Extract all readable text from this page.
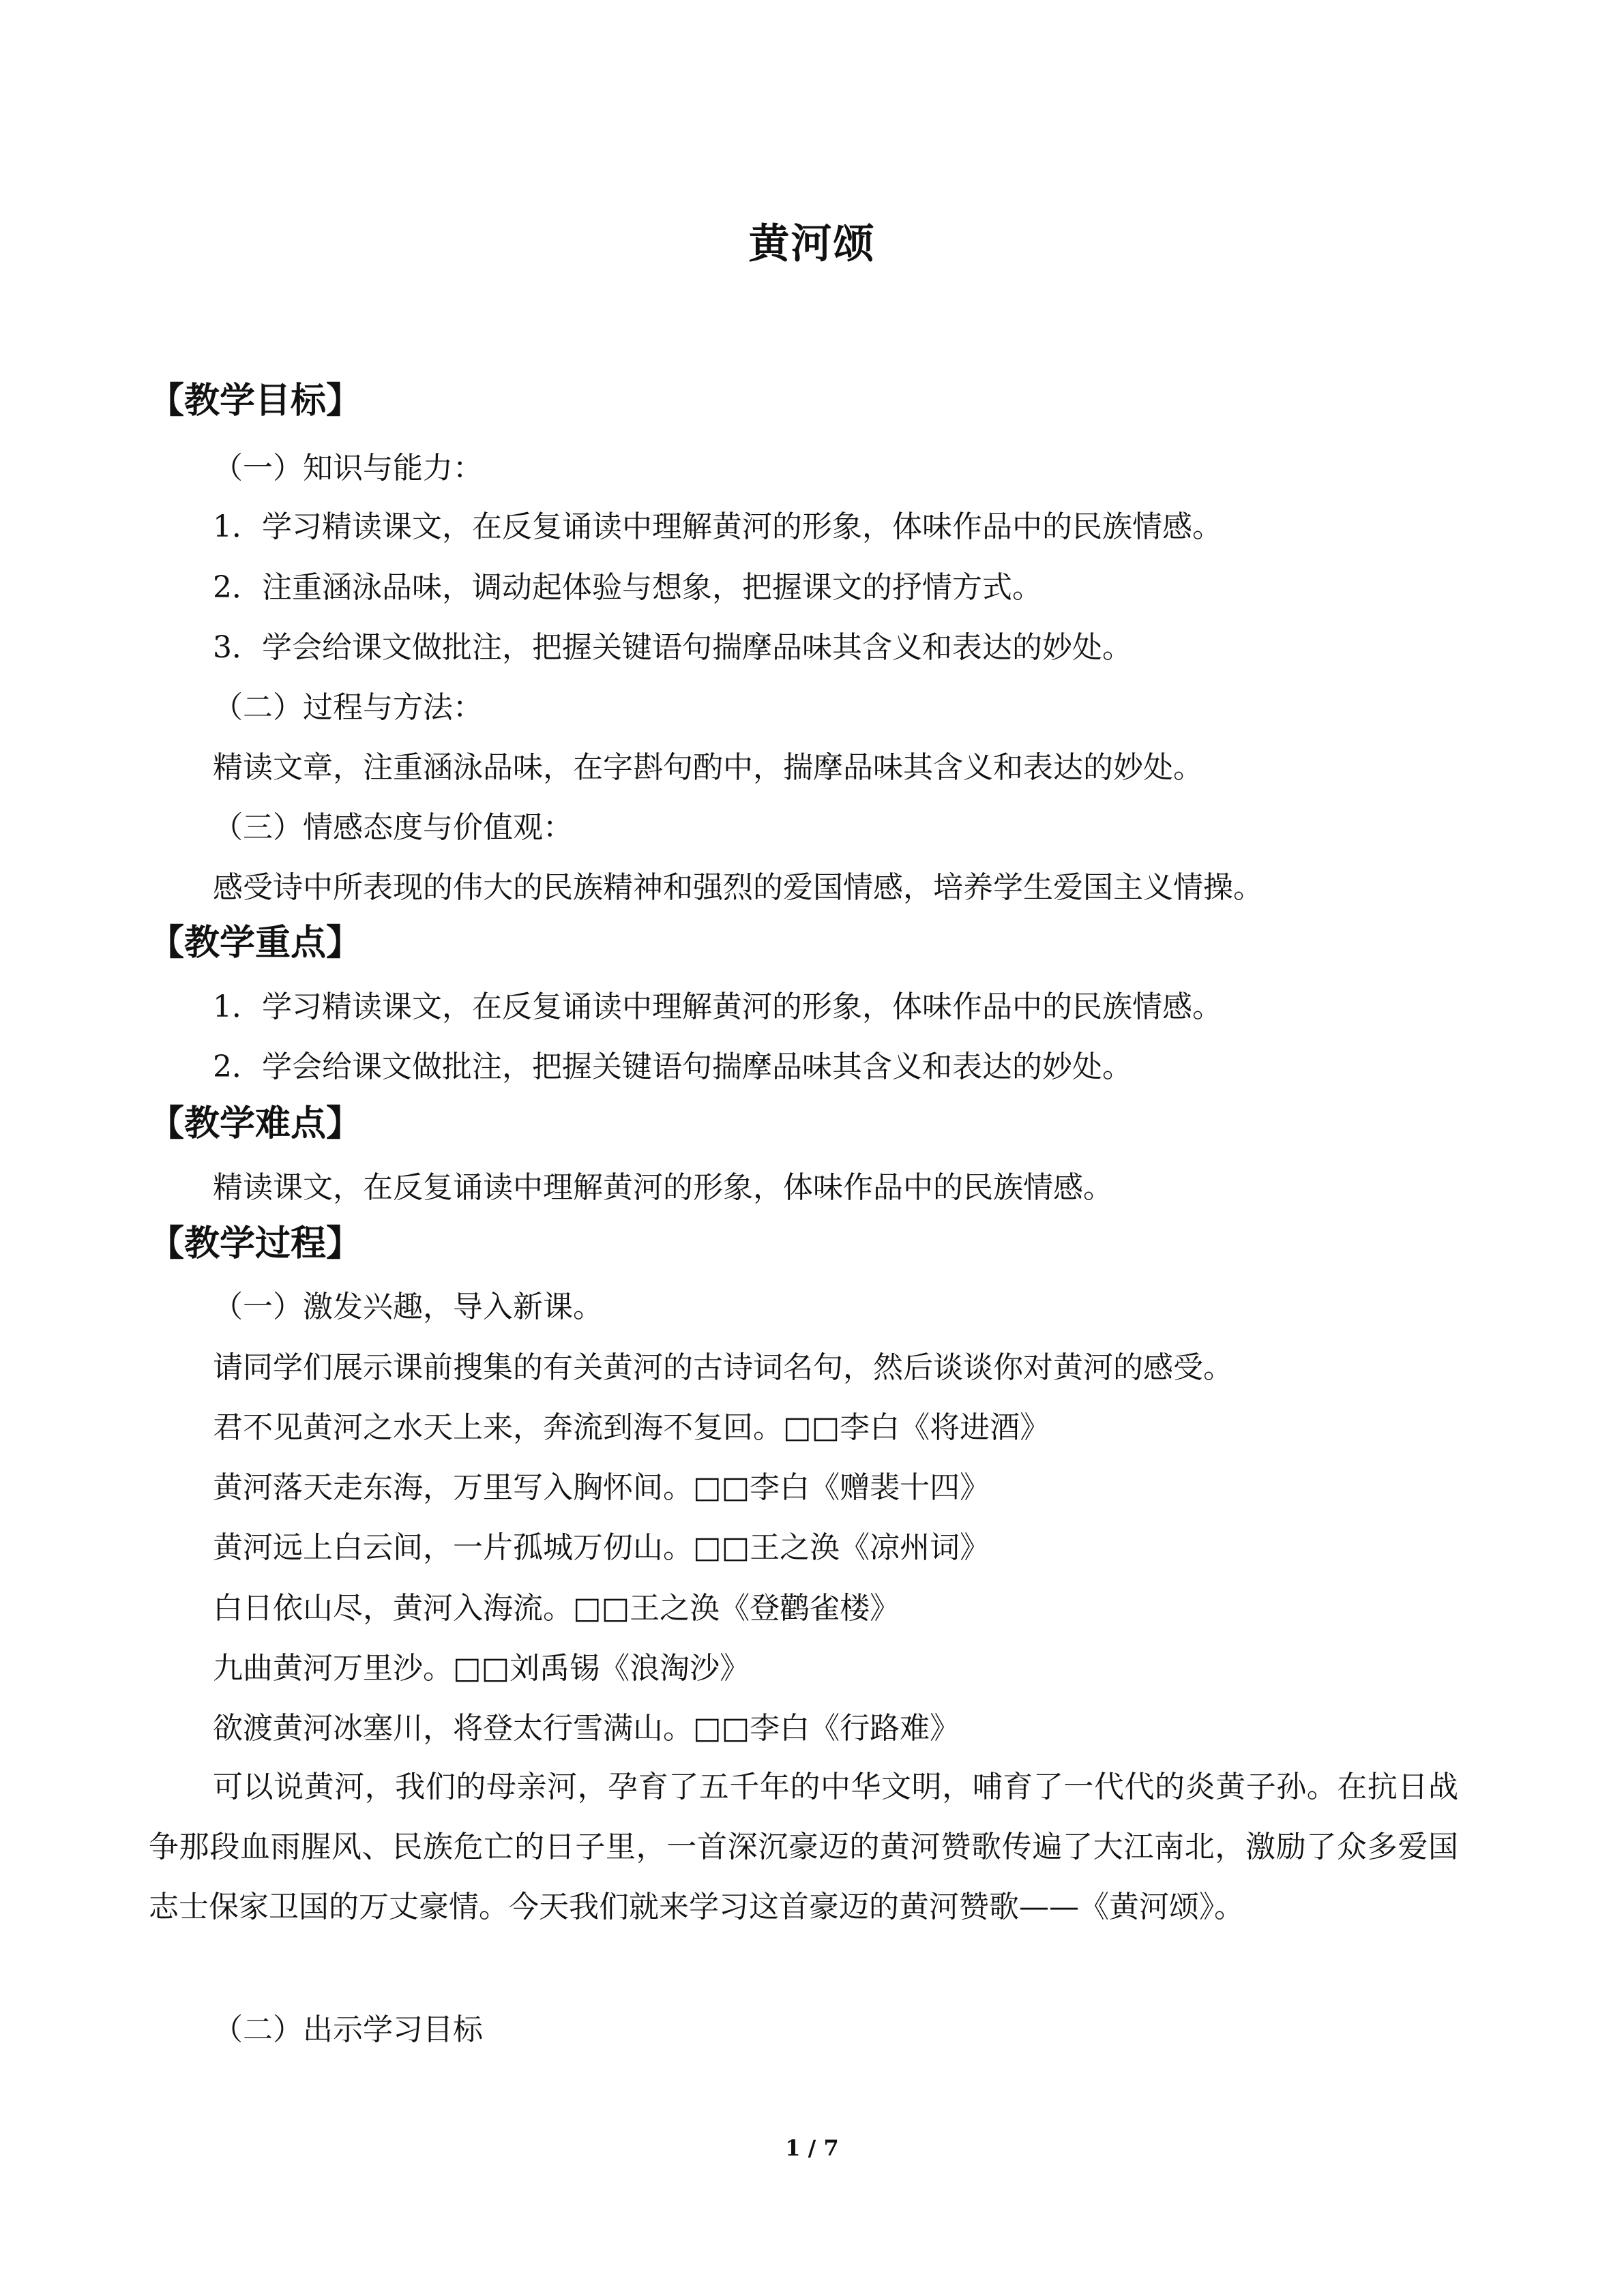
黄河颂
【教学目标】
（一）知识与能力：
1．学习精读课文，在反复诵读中理解黄河的形象，体味作品中的民族情感。
2．注重涵泳品味，调动起体验与想象，把握课文的抒情方式。
3．学会给课文做批注，把握关键语句揣摩品味其含义和表达的妙处。
（二）过程与方法：
精读文章，注重涵泳品味，在字斟句酌中，揣摩品味其含义和表达的妙处。
（三）情感态度与价值观：
感受诗中所表现的伟大的民族精神和强烈的爱国情感，培养学生爱国主义情操。
【教学重点】
1．学习精读课文，在反复诵读中理解黄河的形象，体味作品中的民族情感。
2．学会给课文做批注，把握关键语句揣摩品味其含义和表达的妙处。
【教学难点】
精读课文，在反复诵读中理解黄河的形象，体味作品中的民族情感。
【教学过程】
（一）激发兴趣，导入新课。
请同学们展示课前搜集的有关黄河的古诗词名句，然后谈谈你对黄河的感受。
君不见黄河之水天上来，奔流到海不复回。□□李白《将进酒》
黄河落天走东海，万里写入胸怀间。□□李白《赠裴十四》
黄河远上白云间，一片孤城万仞山。□□王之涣《凉州词》
白日依山尽，黄河入海流。□□王之涣《登鹳雀楼》
九曲黄河万里沙。□□刘禹锡《浪淘沙》
欲渡黄河冰塞川，将登太行雪满山。□□李白《行路难》

可以说黄河，我们的母亲河，孕育了五千年的中华文明，哺育了一代代的炎黄子孙。在抗日战争那段血雨腥风、民族危亡的日子里，一首深沉豪迈的黄河赞歌传遍了大江南北，激励了众多爱国志士保家卫国的万丈豪情。今天我们就来学习这首豪迈的黄河赞歌——《黄河颂》。

（二）出示学习目标
1 / 7
